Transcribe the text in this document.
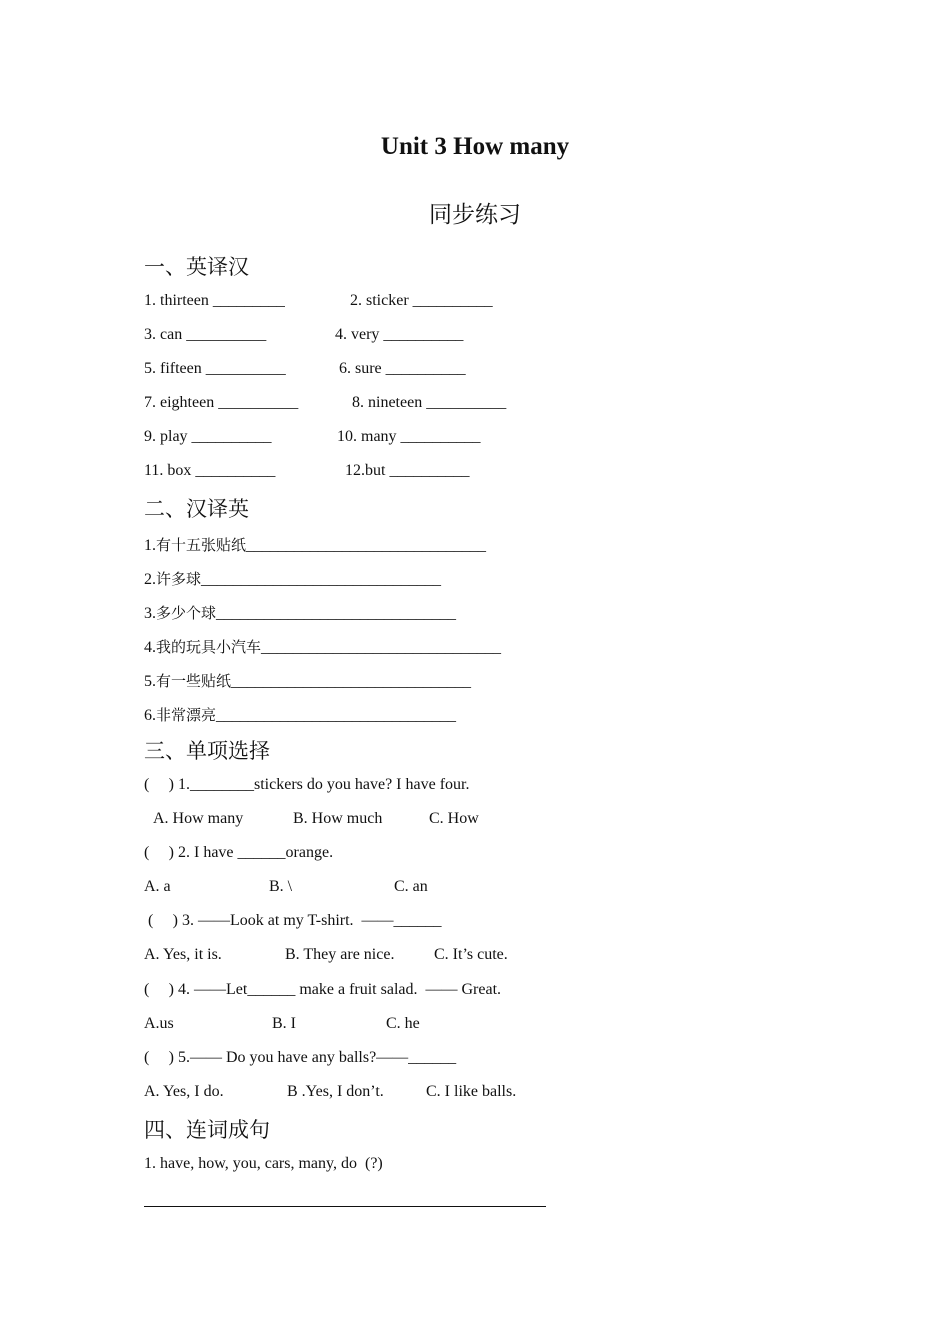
Unit 3 How many
同步练习
一、英译汉
1. thirteen _________	2. sticker __________
3. can __________	4. very __________
5. fifteen __________	6. sure __________
7. eighteen __________	8. nineteen __________
9. play __________	10. many __________
11. box __________	12.but __________
二、汉译英
1.有十五张贴纸______________________________
2.许多球______________________________
3.多少个球______________________________
4.我的玩具小汽车______________________________
5.有一些贴纸______________________________
6.非常漂亮______________________________
三、单项选择
(  ) 1.________stickers do you have? I have four.
A. How many	B. How much	C. How
(  ) 2. I have ______orange.
A. a	B. \	C. an
(  ) 3. ——Look at my T-shirt.  ——______
A. Yes, it is.	B. They are nice. C. It’s cute.
(  ) 4. ——Let______ make a fruit salad.  —— Great.
A.us	B. I	C. he
(  ) 5.—— Do you have any balls?——______
A. Yes, I do.	B .Yes, I don’t.	C. I like balls.
四、连词成句
1. have, how, you, cars, many, do  (?)
